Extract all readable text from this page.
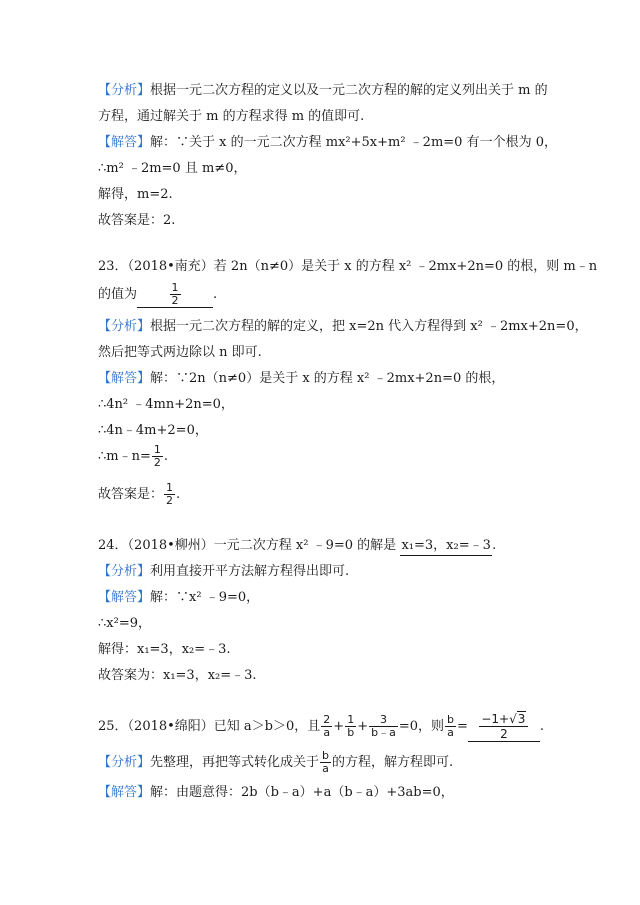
【分析】根据一元二次方程的定义以及一元二次方程的解的定义列出关于 m 的
方程，通过解关于 m 的方程求得 m 的值即可.
【解答】解：∵关于 x 的一元二次方程 mx²+5x+m² ﹣2m=0 有一个根为 0，
∴m² ﹣2m=0 且 m≠0，
解得，m=2.
故答案是：2.
23．（2018•南充）若 2n（n≠0）是关于 x 的方程 x² ﹣2mx+2n=0 的根，则 m﹣n
的值为	$\frac{1}{2}$	.
【分析】根据一元二次方程的解的定义，把 x=2n 代入方程得到 x² ﹣2mx+2n=0，
然后把等式两边除以 n 即可.
【解答】解：∵2n（n≠0）是关于 x 的方程 x² ﹣2mx+2n=0 的根，
∴4n² ﹣4mn+2n=0，
∴4n﹣4m+2=0，
∴m﹣n= $\frac{1}{2}$ .
故答案是： $\frac{1}{2}$ .
24．（2018•柳州）一元二次方程 x² ﹣9=0 的解是 x₁=3，x₂=﹣3.
【分析】利用直接开平方法解方程得出即可.
【解答】解：∵x² ﹣9=0，
∴x²=9，
解得：x₁=3，x₂=﹣3.
故答案为：x₁=3，x₂=﹣3.
25．（2018•绵阳）已知 a＞b＞0，且 $\frac{2}{a} + \frac{1}{b} + \frac{3}{b﹣a} =0$，则 $\frac{b}{a} = \frac{-1+√3}{2}$ .
【分析】先整理，再把等式转化成关于 $\frac{b}{a}$ 的方程，解方程即可.
【解答】解：由题意得：2b（b﹣a）+a（b﹣a）+3ab=0，
